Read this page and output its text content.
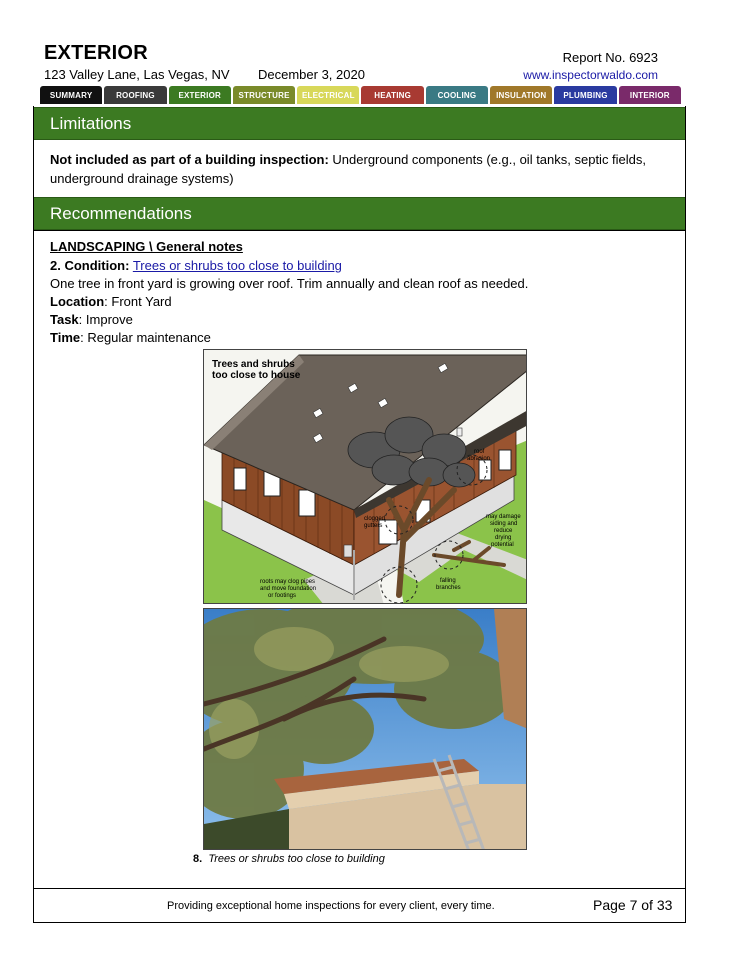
EXTERIOR
123 Valley Lane, Las Vegas, NV December 3, 2020
Report No. 6923
www.inspectorwaldo.com
SUMMARY	ROOFING	EXTERIOR	STRUCTURE	ELECTRICAL	HEATING	COOLING	INSULATION	PLUMBING	INTERIOR
Limitations
Not included as part of a building inspection: Underground components (e.g., oil tanks, septic fields, underground drainage systems)
Recommendations
LANDSCAPING \ General notes
2. Condition: Trees or shrubs too close to building
One tree in front yard is growing over roof. Trim annually and clean roof as needed.
Location: Front Yard
Task: Improve
Time: Regular maintenance
Trees and shrubs
too close to house
roof
abrasion
clogged
gutters
may damage
siding and
reduce
drying
potential
roots may clog pipes
and move foundation
or footings
falling
branches
8. Trees or shrubs too close to building
Providing exceptional home inspections for every client, every time.	Page 7 of 33
